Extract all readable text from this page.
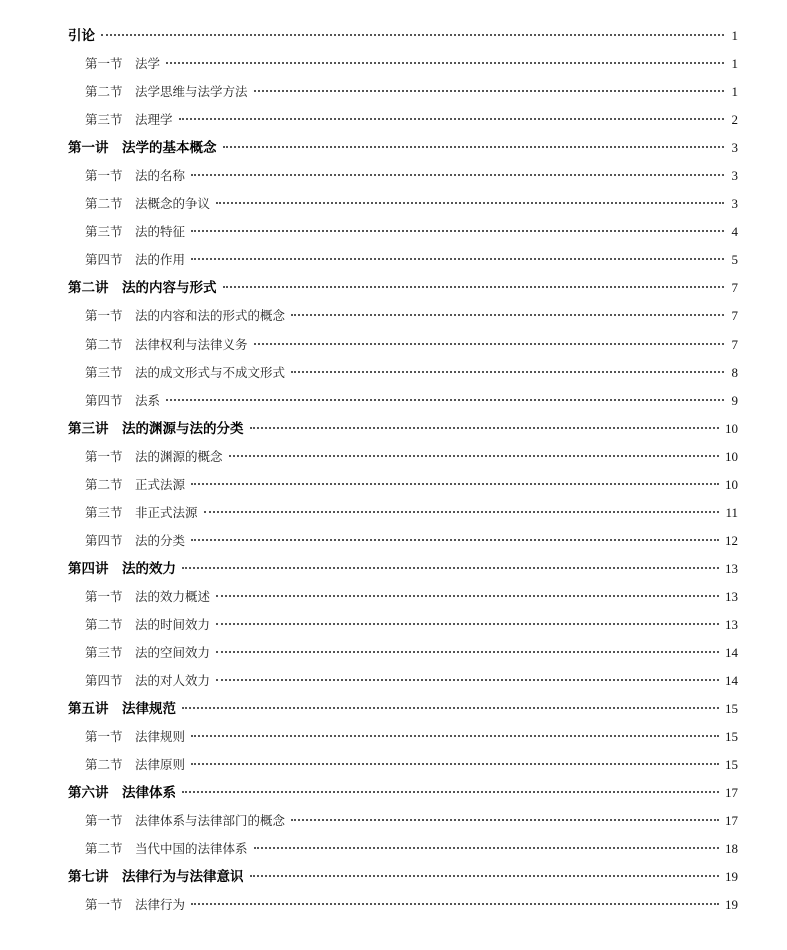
引论	1
第一节　法学	1
第二节　法学思维与法学方法	1
第三节　法理学	2
第一讲　法学的基本概念	3
第一节　法的名称	3
第二节　法概念的争议	3
第三节　法的特征	4
第四节　法的作用	5
第二讲　法的内容与形式	7
第一节　法的内容和法的形式的概念	7
第二节　法律权利与法律义务	7
第三节　法的成文形式与不成文形式	8
第四节　法系	9
第三讲　法的渊源与法的分类	10
第一节　法的渊源的概念	10
第二节　正式法源	10
第三节　非正式法源	11
第四节　法的分类	12
第四讲　法的效力	13
第一节　法的效力概述	13
第二节　法的时间效力	13
第三节　法的空间效力	14
第四节　法的对人效力	14
第五讲　法律规范	15
第一节　法律规则	15
第二节　法律原则	15
第六讲　法律体系	17
第一节　法律体系与法律部门的概念	17
第二节　当代中国的法律体系	18
第七讲　法律行为与法律意识	19
第一节　法律行为	19
